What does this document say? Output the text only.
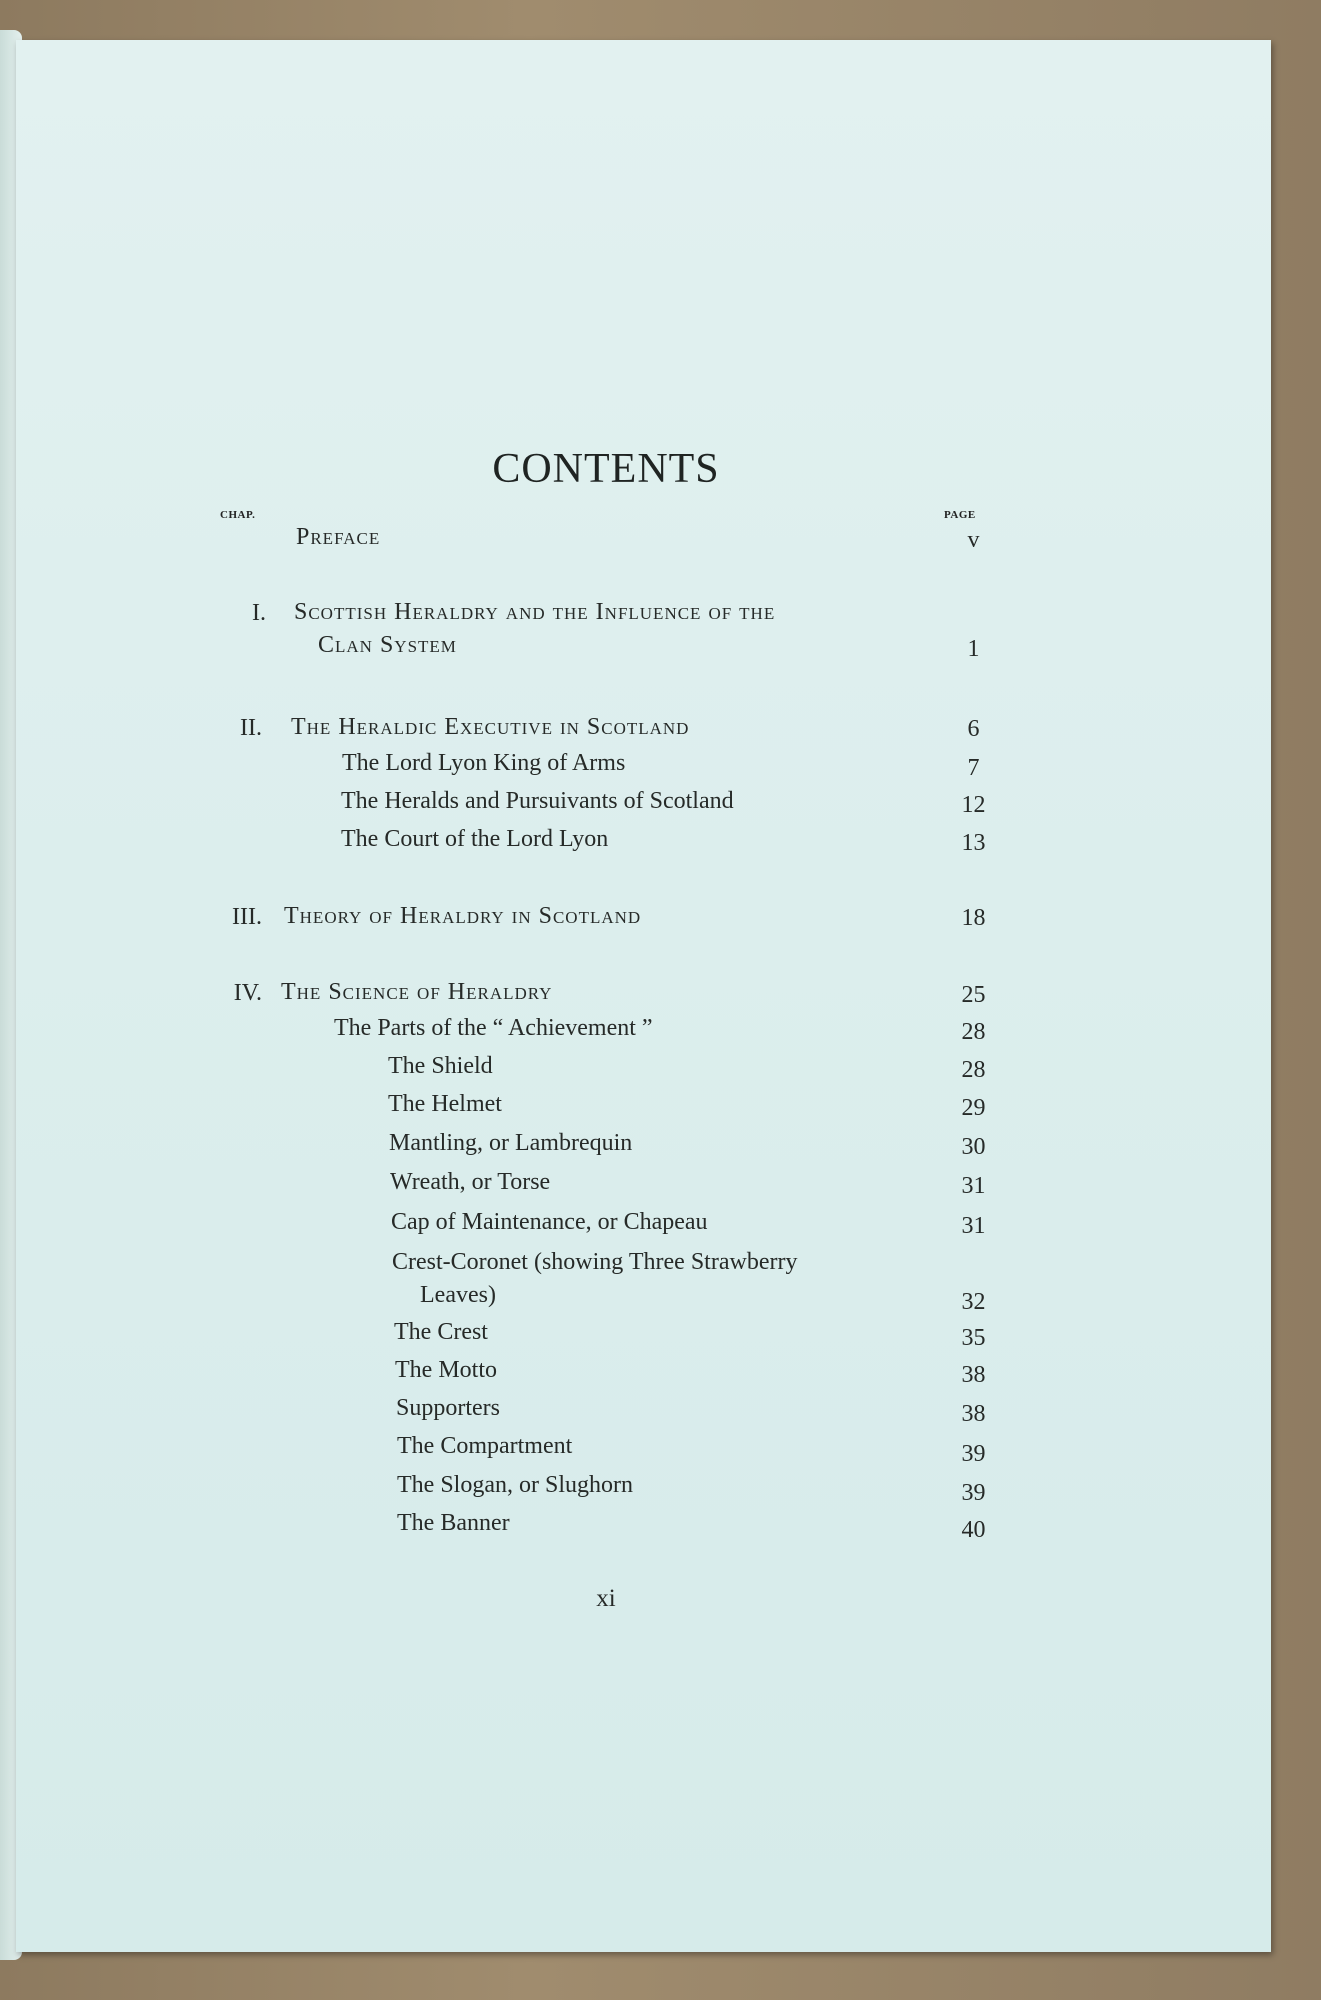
CONTENTS
CHAP.	PAGE
Preface	v
I. Scottish Heraldry and the Influence of the
Clan System	1
II. The Heraldic Executive in Scotland	6
The Lord Lyon King of Arms	7
The Heralds and Pursuivants of Scotland	12
The Court of the Lord Lyon	13
III. Theory of Heraldry in Scotland	18
IV. The Science of Heraldry	25
The Parts of the “ Achievement ”	28
The Shield	28
The Helmet	29
Mantling, or Lambrequin	30
Wreath, or Torse	31
Cap of Maintenance, or Chapeau	31
Crest-Coronet (showing Three Strawberry
Leaves)	32
The Crest	35
The Motto	38
Supporters	38
The Compartment	39
The Slogan, or Slughorn	39
The Banner	40
xi
